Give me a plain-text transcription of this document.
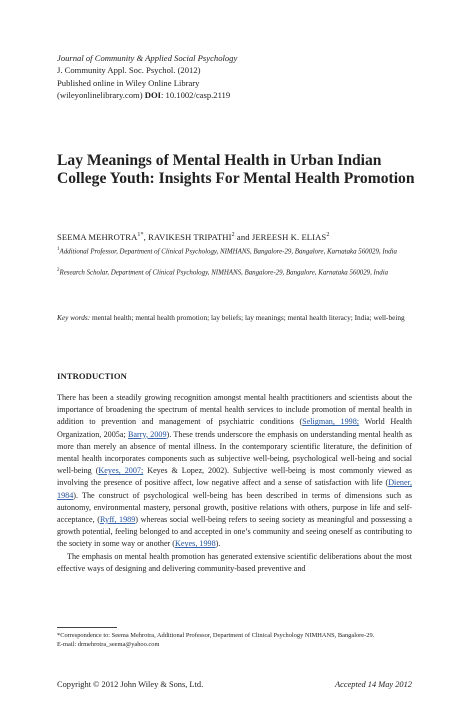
Journal of Community & Applied Social Psychology
J. Community Appl. Soc. Psychol. (2012)
Published online in Wiley Online Library
(wileyonlinelibrary.com) DOI: 10.1002/casp.2119
Lay Meanings of Mental Health in Urban Indian College Youth: Insights For Mental Health Promotion
SEEMA $MEHROTRA^{1*}$, RAVIKESH TRIPATHI$^2$ and JEREESH K. ELIAS$^2$
$^1$Additional Professor, Department of Clinical Psychology, NIMHANS, Bangalore-29, Bangalore, Karnataka 560029, India
$^2$Research Scholar, Department of Clinical Psychology, NIMHANS, Bangalore-29, Bangalore, Karnataka 560029, India
Key words: mental health; mental health promotion; lay beliefs; lay meanings; mental health literacy; India; well-being
INTRODUCTION

There has been a steadily growing recognition amongst mental health practitioners and scientists about the importance of broadening the spectrum of mental health services to include promotion of mental health in addition to prevention and management of psychiatric conditions (Seligman, 1998; World Health Organization, 2005a; Barry, 2009). These trends underscore the emphasis on understanding mental health as more than merely an absence of mental illness. In the contemporary scientific literature, the definition of mental health incorporates components such as subjective well-being, psychological well-being and social well-being (Keyes, 2007; Keyes & Lopez, 2002). Subjective well-being is most commonly viewed as involving the presence of positive affect, low negative affect and a sense of satisfaction with life (Diener, 1984). The construct of psychological well-being has been described in terms of dimensions such as autonomy, environmental mastery, personal growth, positive relations with others, purpose in life and self-acceptance, (Ryff, 1989) whereas social well-being refers to seeing society as meaningful and possessing a growth potential, feeling belonged to and accepted in one’s community and seeing oneself as contributing to the society in some way or another (Keyes, 1998).

The emphasis on mental health promotion has generated extensive scientific deliberations about the most effective ways of designing and delivering community-based preventive and

*Correspondence to: Seema Mehrotra, Additional Professor, Department of Clinical Psychology NIMHANS, Bangalore-29.
E-mail: drmehrotra_seema@yahoo.com
Copyright © 2012 John Wiley & Sons, Ltd.	Accepted 14 May 2012
